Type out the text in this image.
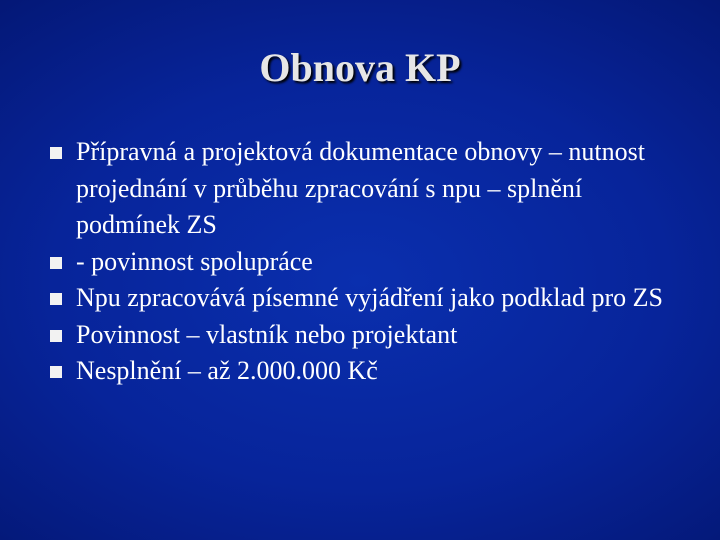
Obnova KP
Přípravná a projektová dokumentace obnovy – nutnost projednání v průběhu zpracování s npu – splnění podmínek ZS
- povinnost spolupráce
Npu zpracovává písemné vyjádření jako podklad pro ZS
Povinnost – vlastník nebo projektant
Nesplnění – až 2.000.000 Kč
